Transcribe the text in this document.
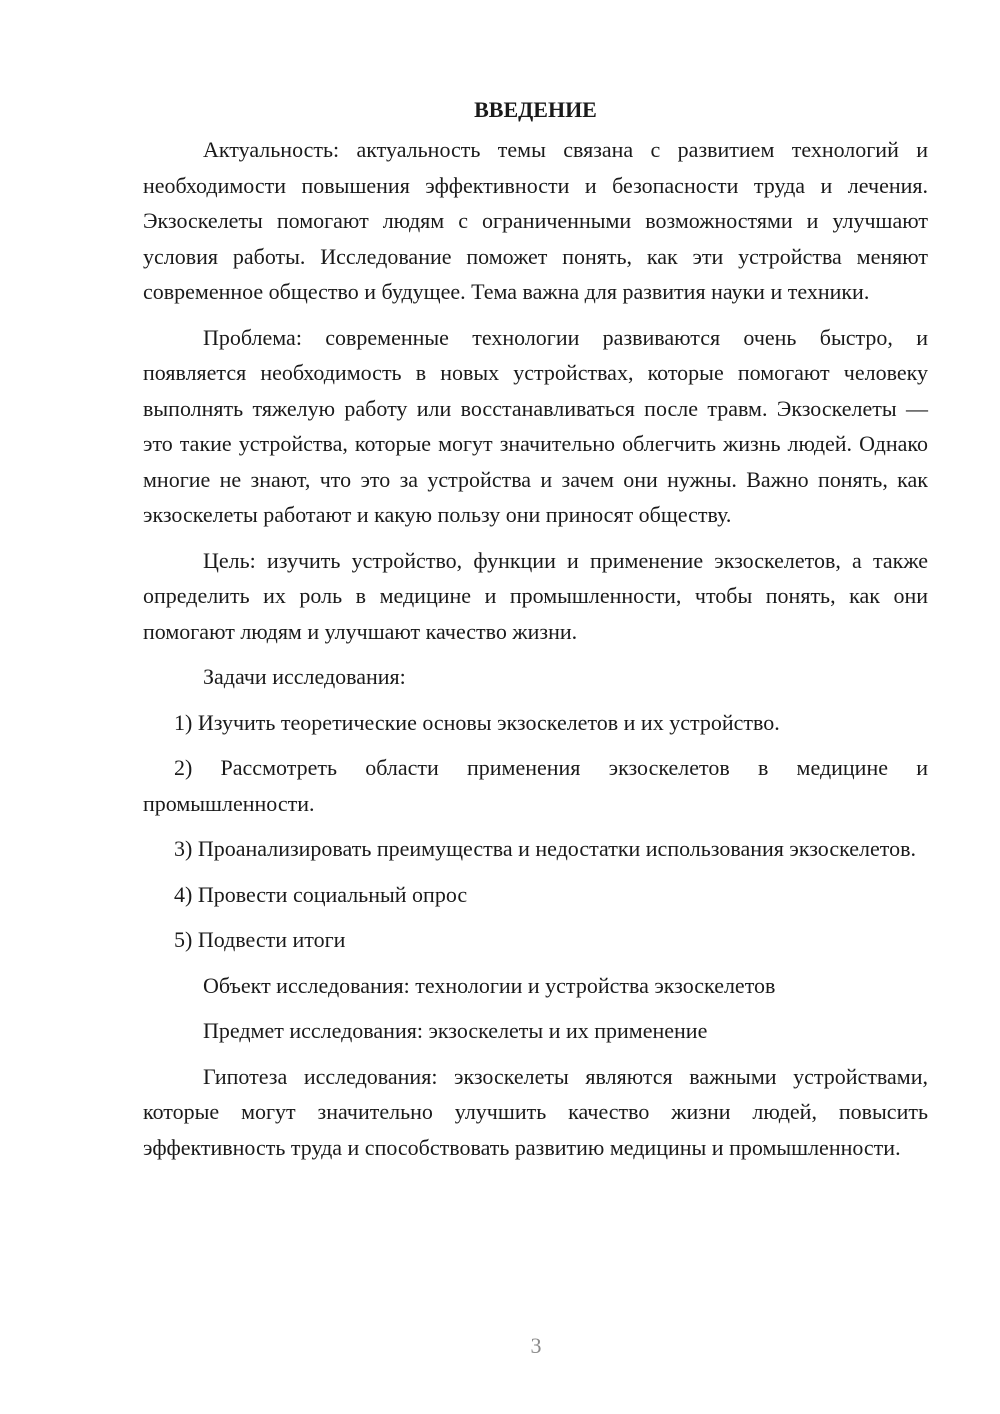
ВВЕДЕНИЕ

Актуальность: актуальность темы связана с развитием технологий и необходимости повышения эффективности и безопасности труда и лечения. Экзоскелеты помогают людям с ограниченными возможностями и улучшают условия работы. Исследование поможет понять, как эти устройства меняют современное общество и будущее. Тема важна для развития науки и техники.

Проблема: современные технологии развиваются очень быстро, и появляется необходимость в новых устройствах, которые помогают человеку выполнять тяжелую работу или восстанавливаться после травм. Экзоскелеты — это такие устройства, которые могут значительно облегчить жизнь людей. Однако многие не знают, что это за устройства и зачем они нужны. Важно понять, как экзоскелеты работают и какую пользу они приносят обществу.

Цель: изучить устройство, функции и применение экзоскелетов, а также определить их роль в медицине и промышленности, чтобы понять, как они помогают людям и улучшают качество жизни.

Задачи исследования:

1) Изучить теоретические основы экзоскелетов и их устройство.

2) Рассмотреть области применения экзоскелетов в медицине и промышленности.

3) Проанализировать преимущества и недостатки использования экзоскелетов.

4) Провести социальный опрос

5) Подвести итоги

Объект исследования: технологии и устройства экзоскелетов

Предмет исследования: экзоскелеты и их применение

Гипотеза исследования: экзоскелеты являются важными устройствами, которые могут значительно улучшить качество жизни людей, повысить эффективность труда и способствовать развитию медицины и промышленности.

3
